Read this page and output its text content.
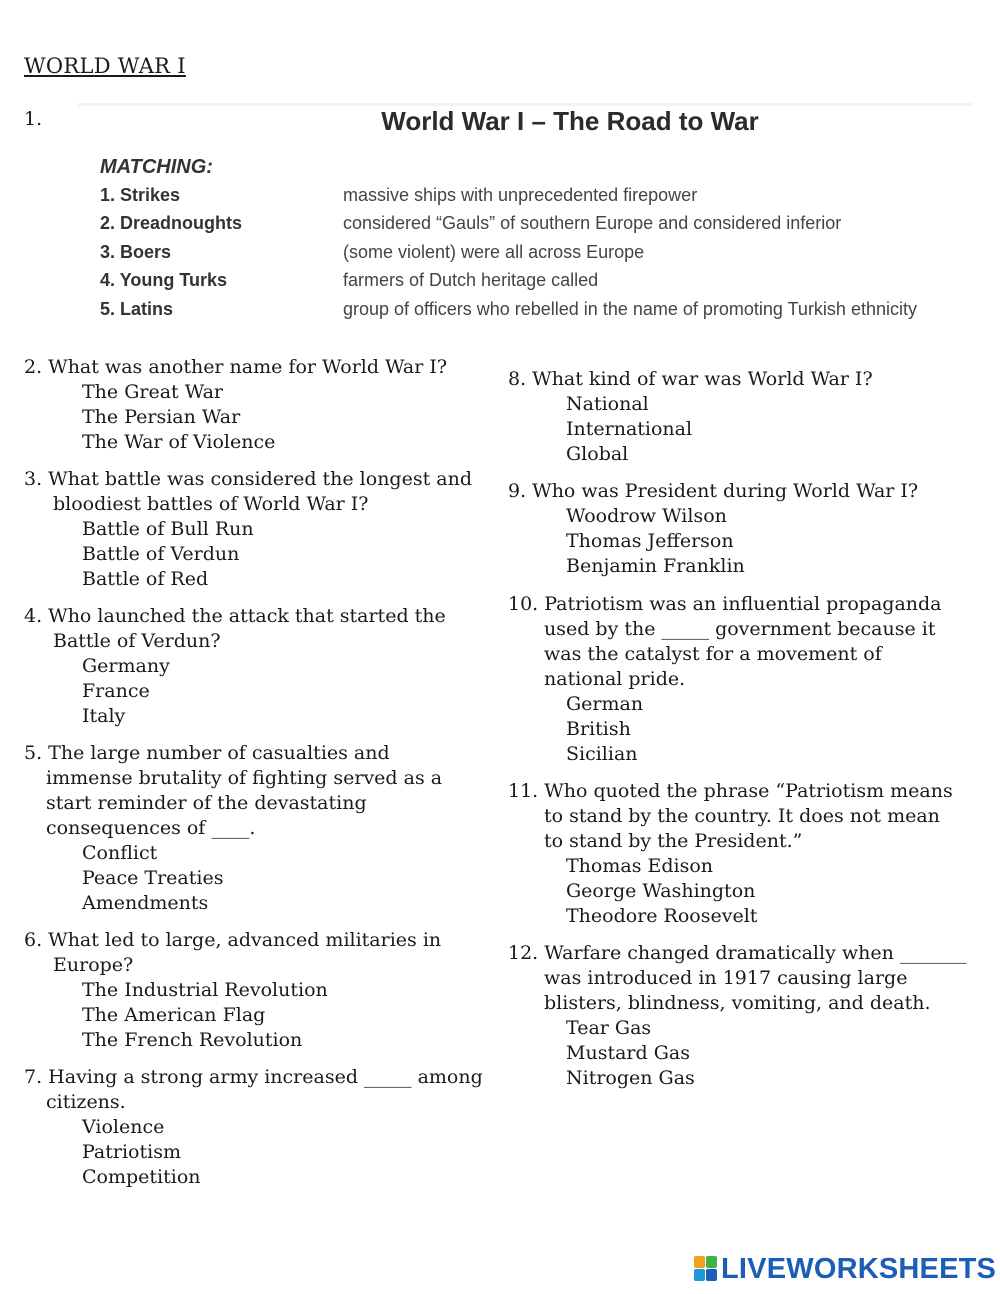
WORLD WAR I
1.	World War I – The Road to War
MATCHING:
1. Strikes	massive ships with unprecedented firepower
2. Dreadnoughts	considered “Gauls” of southern Europe and considered inferior
3. Boers	(some violent) were all across Europe
4. Young Turks	farmers of Dutch heritage called
5. Latins	group of officers who rebelled in the name of promoting Turkish ethnicity
2. What was another name for World War I?
The Great War
The Persian War
The War of Violence
3. What battle was considered the longest and
bloodiest battles of World War I?
Battle of Bull Run
Battle of Verdun
Battle of Red
4. Who launched the attack that started the
Battle of Verdun?
Germany
France
Italy
5. The large number of casualties and
immense brutality of fighting served as a
start reminder of the devastating
consequences of ____.
Conflict
Peace Treaties
Amendments
6. What led to large, advanced militaries in
Europe?
The Industrial Revolution
The American Flag
The French Revolution
7. Having a strong army increased _____ among
citizens.
Violence
Patriotism
Competition
8. What kind of war was World War I?
National
International
Global
9. Who was President during World War I?
Woodrow Wilson
Thomas Jefferson
Benjamin Franklin
10. Patriotism was an influential propaganda
used by the _____ government because it
was the catalyst for a movement of
national pride.
German
British
Sicilian
11. Who quoted the phrase “Patriotism means
to stand by the country. It does not mean
to stand by the President.”
Thomas Edison
George Washington
Theodore Roosevelt
12. Warfare changed dramatically when _______
was introduced in 1917 causing large
blisters, blindness, vomiting, and death.
Tear Gas
Mustard Gas
Nitrogen Gas
LIVEWORKSHEETS
